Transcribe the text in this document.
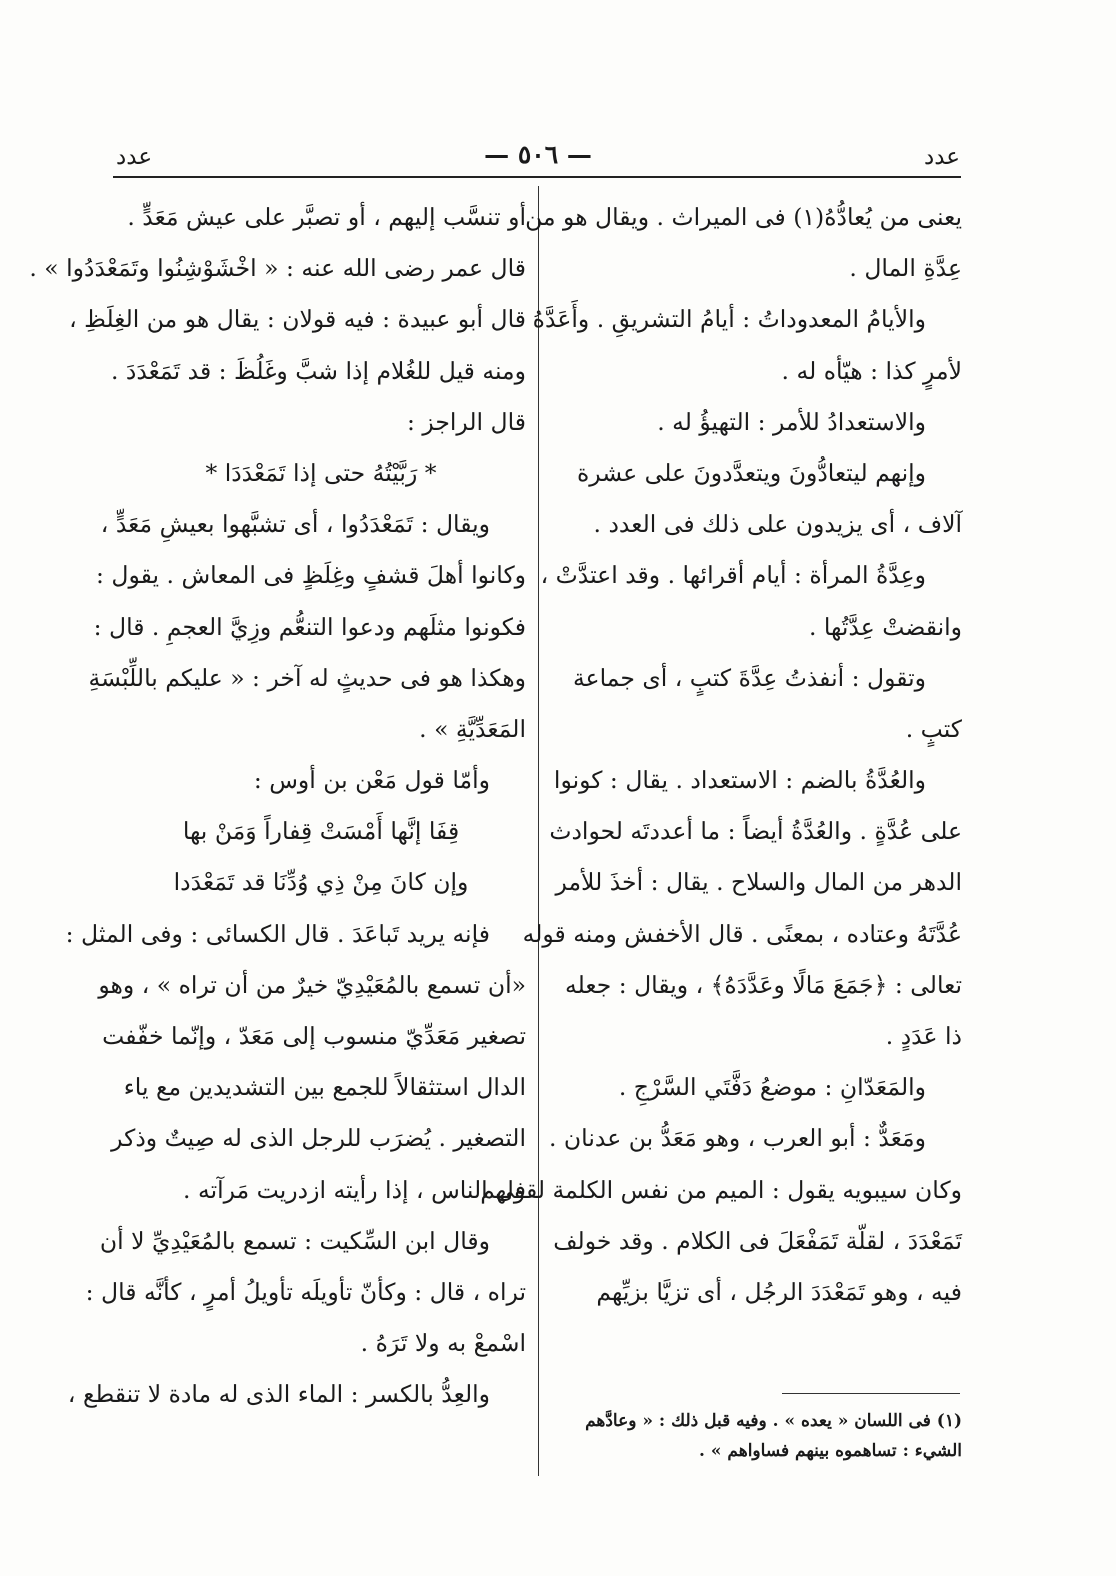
عدد
— ٥٠٦ —
عدد
يعنى من يُعادُّهُ(١) فى الميراث . ويقال هو من
عِدَّةِ المال .
والأيامُ المعدوداتُ : أيامُ التشريقِ . وأَعَدَّهُ
لأمرٍ كذا : هيّأه له .
والاستعدادُ للأمر : التهيؤُ له .
وإنهم ليتعادُّونَ ويتعدَّدونَ على عشرة
آلاف ، أى يزيدون على ذلك فى العدد .
وعِدَّةُ المرأة : أيام أقرائها . وقد اعتدَّتْ ،
وانقضتْ عِدَّتُها .
وتقول : أنفذتُ عِدَّةَ كتبٍ ، أى جماعة
كتبٍ .
والعُدَّةُ بالضم : الاستعداد . يقال : كونوا
على عُدَّةٍ . والعُدَّةُ أيضاً : ما أعددتَه لحوادث
الدهر من المال والسلاح . يقال : أخذَ للأمر
عُدَّتَهُ وعتاده ، بمعنًى . قال الأخفش ومنه قوله
تعالى : ﴿جَمَعَ مَالًا وعَدَّدَهُ﴾ ، ويقال : جعله
ذا عَدَدٍ .
والمَعَدّانِ : موضعُ دَفَّتَي السَّرْجِ .
ومَعَدٌّ : أبو العرب ، وهو مَعَدُّ بن عدنان .
وكان سيبويه يقول : الميم من نفس الكلمة لقولهم
تَمَعْدَدَ ، لقلّة تَمَفْعَلَ فى الكلام . وقد خولف
فيه ، وهو تَمَعْدَدَ الرجُل ، أى تزيَّا بزيِّهم
أو تنسَّب إليهم ، أو تصبَّر على عيش مَعَدٍّ .
قال عمر رضى الله عنه : « اخْشَوْشِنُوا وتَمَعْدَدُوا » .
قال أبو عبيدة : فيه قولان : يقال هو من الغِلَظِ ،
ومنه قيل للغُلام إذا شبَّ وغَلُظَ : قد تَمَعْدَدَ .
قال الراجز :
* رَبَّيْتُهُ حتى إذا تَمَعْدَدَا *
ويقال : تَمَعْدَدُوا ، أى تشبَّهوا بعيشِ مَعَدٍّ ،
وكانوا أهلَ قشفٍ وغِلَظٍ فى المعاش . يقول :
فكونوا مثلَهم ودعوا التنعُّم وزِيَّ العجمِ . قال :
وهكذا هو فى حديثٍ له آخر : « عليكم باللِّبْسَةِ
المَعَدِّيَّةِ » .
وأمّا قول مَعْن بن أوس :
قِفَا إنَّها أَمْسَتْ قِفاراً وَمَنْ بها
وإن كانَ مِنْ ذِي وُدِّنَا قد تَمَعْدَدا
فإنه يريد تَباعَدَ . قال الكسائى : وفى المثل :
«أن تسمع بالمُعَيْدِيّ خيرٌ من أن تراه » ، وهو
تصغير مَعَدِّيّ منسوب إلى مَعَدّ ، وإنّما خفّفت
الدال استثقالاً للجمع بين التشديدين مع ياء
التصغير . يُضرَب للرجل الذى له صِيتٌ وذكر
فى الناس ، إذا رأيته ازدريت مَرآته .
وقال ابن السِّكيت : تسمع بالمُعَيْدِيِّ لا أن
تراه ، قال : وكأنّ تأويلَه تأويلُ أمرٍ ، كأنَّه قال :
اسْمعْ به ولا تَرَهُ .
والعِدُّ بالكسر : الماء الذى له مادة لا تنقطع ،
(١) فى اللسان « يعده » . وفيه قبل ذلك : « وعادَّهم
الشيء : تساهموه بينهم فساواهم » .
